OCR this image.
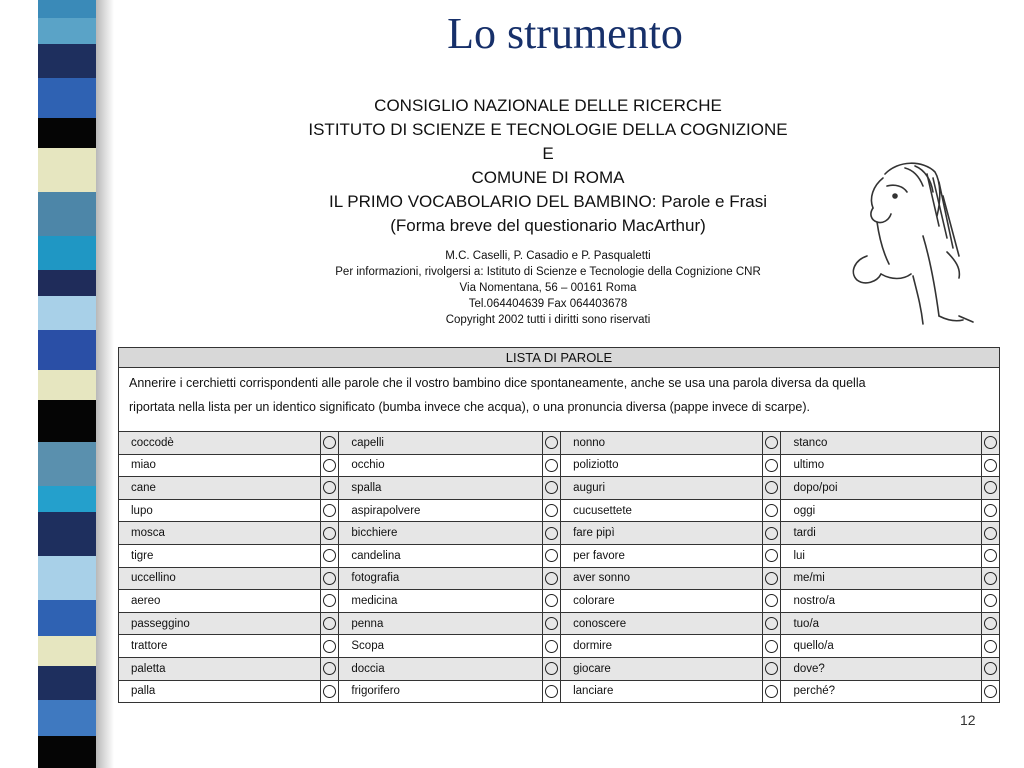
Lo strumento

CONSIGLIO NAZIONALE DELLE RICERCHE

ISTITUTO DI SCIENZE E TECNOLOGIE DELLA COGNIZIONE

E

COMUNE DI ROMA

IL PRIMO VOCABOLARIO DEL BAMBINO: Parole e Frasi

(Forma breve del questionario MacArthur)

M.C. Caselli, P. Casadio e P. Pasqualetti

Per informazioni, rivolgersi a: Istituto di Scienze e Tecnologie della Cognizione CNR

Via Nomentana, 56 – 00161 Roma

Tel.064404639 Fax 064403678

Copyright 2002 tutti i diritti sono riservati

LISTA DI PAROLE
Annerire i cerchietti corrispondenti alle parole che il vostro bambino dice spontaneamente, anche se usa una parola diversa da quella
riportata nella lista per un identico significato (bumba invece che acqua), o una pronuncia diversa (pappe invece di scarpe).
coccodè		capelli		nonno		stanco	
miao		occhio		poliziotto		ultimo	
cane		spalla		auguri		dopo/poi	
lupo		aspirapolvere		cucusettete		oggi	
mosca		bicchiere		fare pipì		tardi	
tigre		candelina		per favore		lui	
uccellino		fotografia		aver sonno		me/mi	
aereo		medicina		colorare		nostro/a	
passeggino		penna		conoscere		tuo/a	
trattore		Scopa		dormire		quello/a	
paletta		doccia		giocare		dove?	
palla		frigorifero		lanciare		perché?	
12
